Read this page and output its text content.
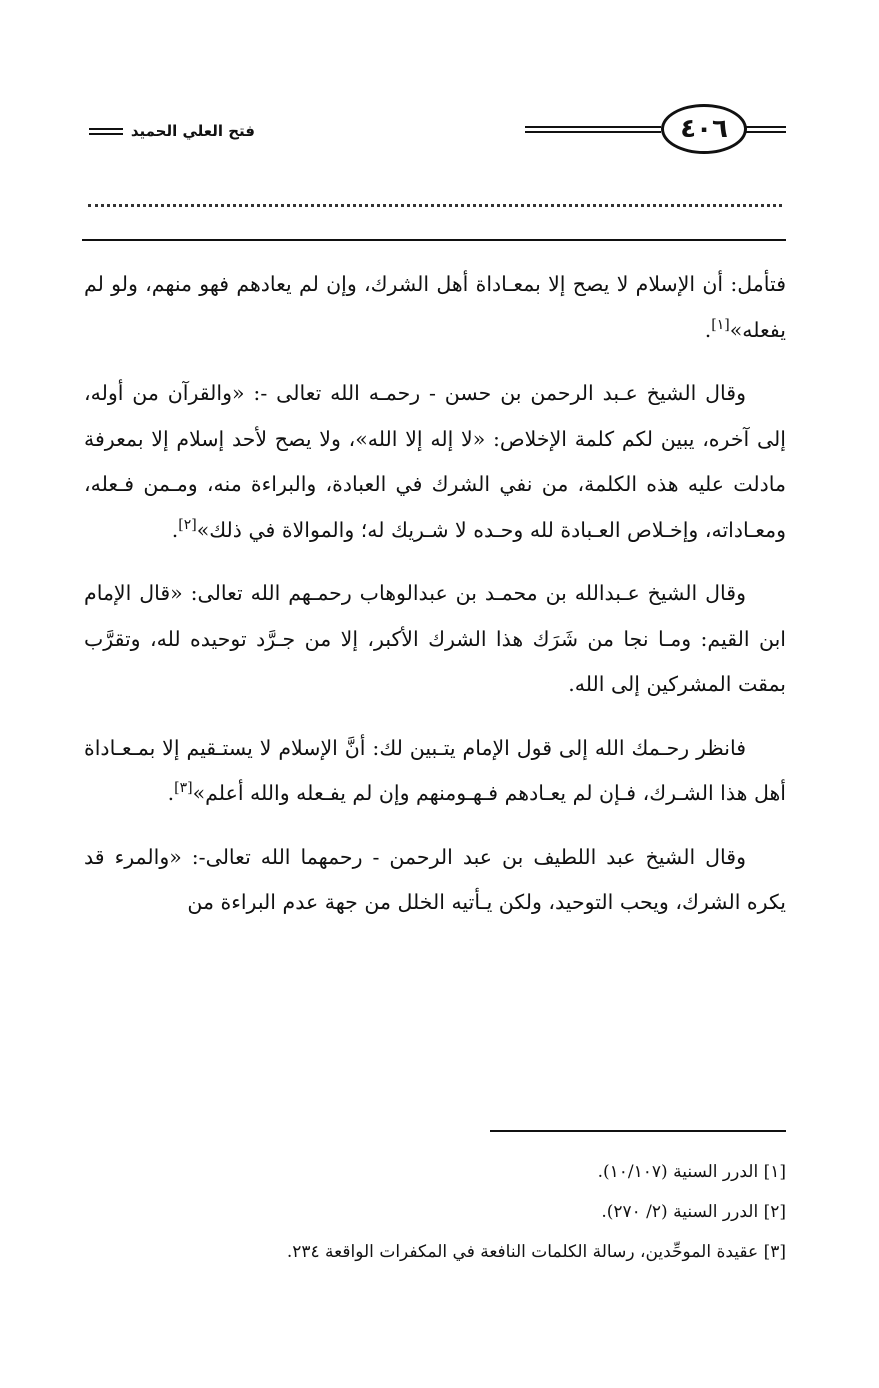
فتح العلي الحميد	٤٠٦

فتأمل: أن الإسلام لا يصح إلا بمعـاداة أهل الشرك، وإن لم يعادهم فهو منهم، ولو لم يفعله»[١].

وقال الشيخ عـبد الرحمن بن حسن - رحمـه الله تعالى -: «والقرآن من أوله، إلى آخره، يبين لكم كلمة الإخلاص: «لا إله إلا الله»، ولا يصح لأحد إسلام إلا بمعرفة مادلت عليه هذه الكلمة، من نفي الشرك في العبادة، والبراءة منه، ومـمن فـعله، ومعـاداته، وإخـلاص العـبادة لله وحـده لا شـريك له؛ والموالاة في ذلك»[٢].

وقال الشيخ عـبدالله بن محمـد بن عبدالوهاب رحمـهم الله تعالى: «قال الإمام ابن القيم: ومـا نجا من شَرَك هذا الشرك الأكبر، إلا من جـرَّد توحيده لله، وتقرَّب بمقت المشركين إلى الله.

فانظر رحـمك الله إلى قول الإمام يتـبين لك: أنَّ الإسلام لا يستـقيم إلا بمـعـاداة أهل هذا الشـرك، فـإن لم يعـادهم فـهـومنهم وإن لم يفـعله والله أعلم»[٣].

وقال الشيخ عبد اللطيف بن عبد الرحمن - رحمهما الله تعالى-: «والمرء قد يكره الشرك، ويحب التوحيد، ولكن يـأتيه الخلل من جهة عدم البراءة من

[١] الدرر السنية (١٠/١٠٧).
[٢] الدرر السنية (٢/ ٢٧٠).
[٣] عقيدة الموحِّدين، رسالة الكلمات النافعة في المكفرات الواقعة ٢٣٤.
